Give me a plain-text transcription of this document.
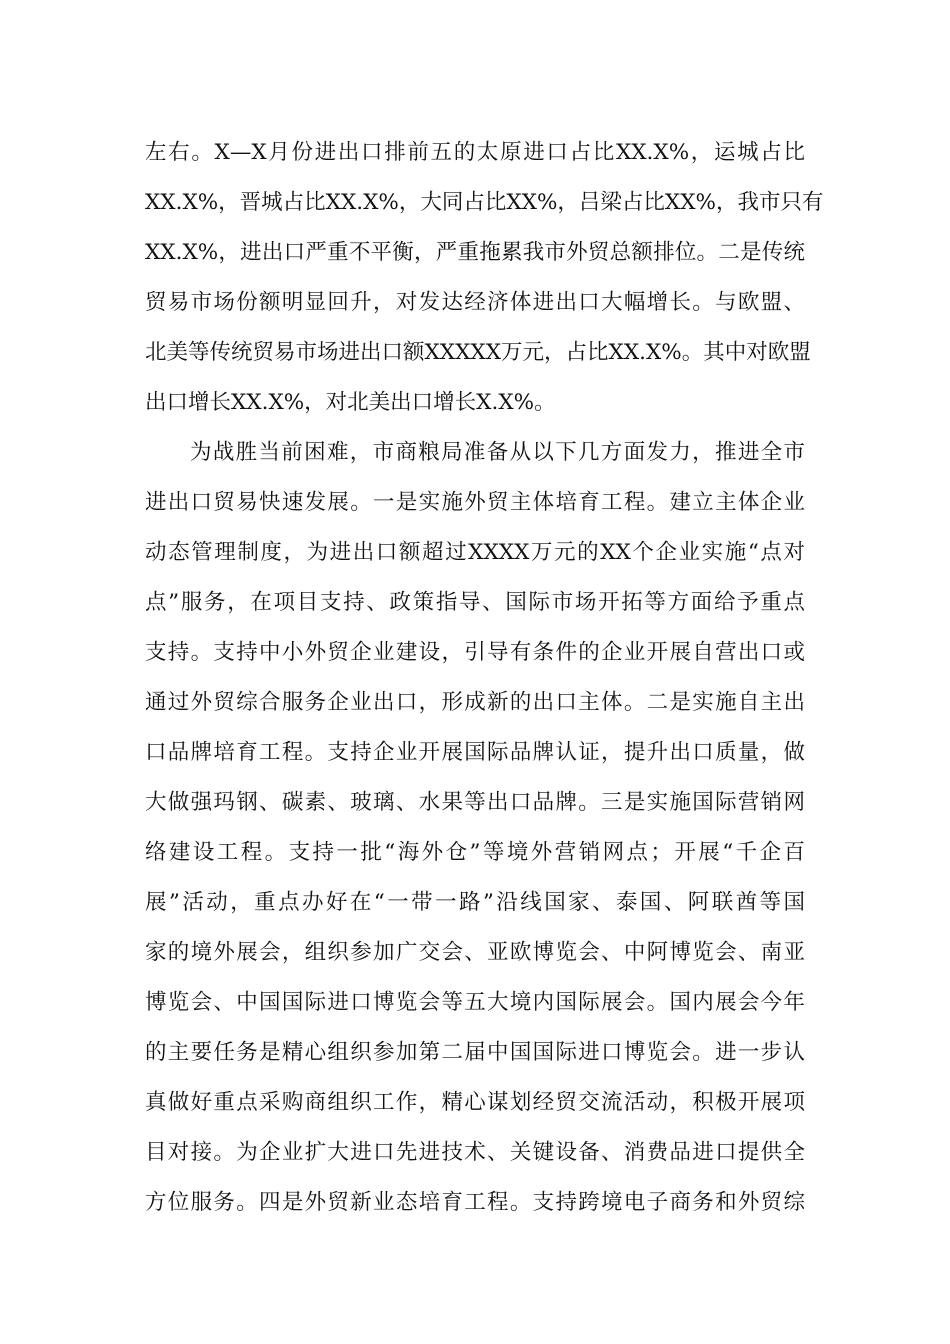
左右。X—X月份进出口排前五的太原进口占比XX.X%，运城占比
XX.X%，晋城占比XX.X%，大同占比XX%，吕梁占比XX%，我市只有
XX.X%，进出口严重不平衡，严重拖累我市外贸总额排位。二是传统
贸易市场份额明显回升，对发达经济体进出口大幅增长。与欧盟、
北美等传统贸易市场进出口额XXXXX万元，占比XX.X%。其中对欧盟
出口增长XX.X%，对北美出口增长X.X%。
为战胜当前困难，市商粮局准备从以下几方面发力，推进全市
进出口贸易快速发展。一是实施外贸主体培育工程。建立主体企业
动态管理制度，为进出口额超过XXXX万元的XX个企业实施“点对
点”服务，在项目支持、政策指导、国际市场开拓等方面给予重点
支持。支持中小外贸企业建设，引导有条件的企业开展自营出口或
通过外贸综合服务企业出口，形成新的出口主体。二是实施自主出
口品牌培育工程。支持企业开展国际品牌认证，提升出口质量，做
大做强玛钢、碳素、玻璃、水果等出口品牌。三是实施国际营销网
络建设工程。支持一批“海外仓”等境外营销网点；开展“千企百
展”活动，重点办好在“一带一路”沿线国家、泰国、阿联酋等国
家的境外展会，组织参加广交会、亚欧博览会、中阿博览会、南亚
博览会、中国国际进口博览会等五大境内国际展会。国内展会今年
的主要任务是精心组织参加第二届中国国际进口博览会。进一步认
真做好重点采购商组织工作，精心谋划经贸交流活动，积极开展项
目对接。为企业扩大进口先进技术、关键设备、消费品进口提供全
方位服务。四是外贸新业态培育工程。支持跨境电子商务和外贸综
